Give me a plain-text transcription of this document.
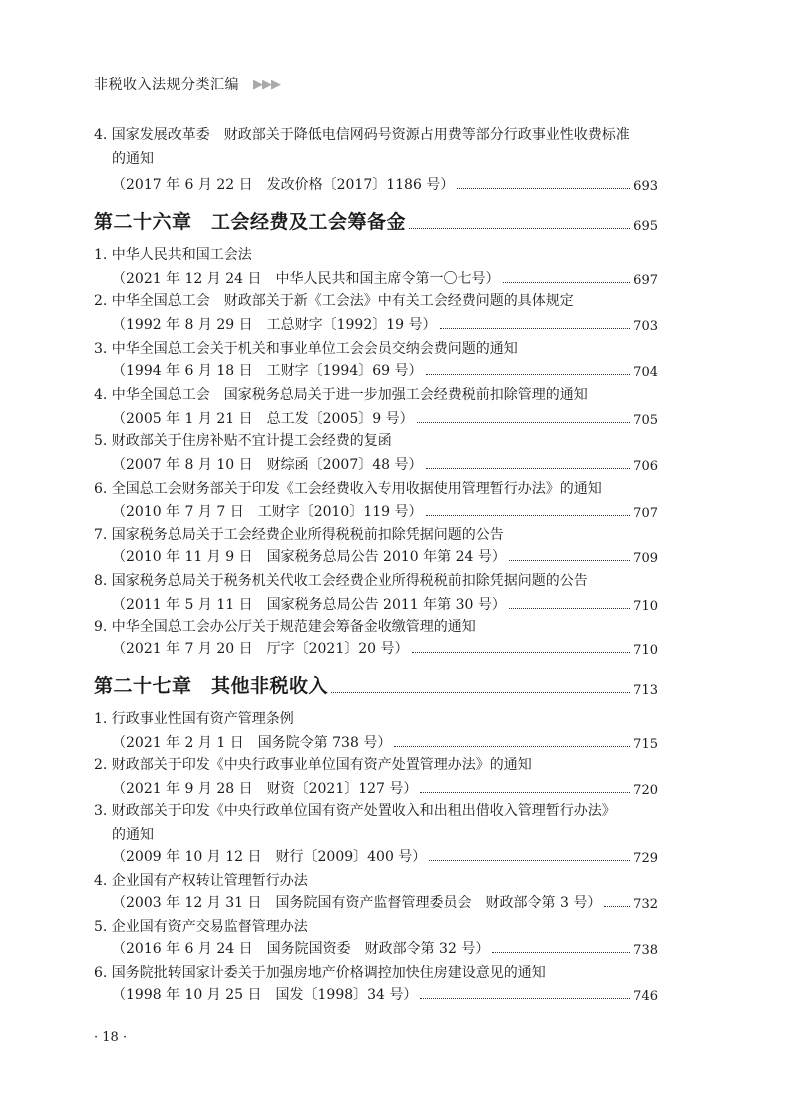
非税收入法规分类汇编 ▶▶▶
4. 国家发展改革委　财政部关于降低电信网码号资源占用费等部分行政事业性收费标准
的通知
（2017 年 6 月 22 日　发改价格〔2017〕1186 号）	693
第二十六章　工会经费及工会筹备金	695
1. 中华人民共和国工会法
（2021 年 12 月 24 日　中华人民共和国主席令第一〇七号）	697
2. 中华全国总工会　财政部关于新《工会法》中有关工会经费问题的具体规定
（1992 年 8 月 29 日　工总财字〔1992〕19 号）	703
3. 中华全国总工会关于机关和事业单位工会会员交纳会费问题的通知
（1994 年 6 月 18 日　工财字〔1994〕69 号）	704
4. 中华全国总工会　国家税务总局关于进一步加强工会经费税前扣除管理的通知
（2005 年 1 月 21 日　总工发〔2005〕9 号）	705
5. 财政部关于住房补贴不宜计提工会经费的复函
（2007 年 8 月 10 日　财综函〔2007〕48 号）	706
6. 全国总工会财务部关于印发《工会经费收入专用收据使用管理暂行办法》的通知
（2010 年 7 月 7 日　工财字〔2010〕119 号）	707
7. 国家税务总局关于工会经费企业所得税税前扣除凭据问题的公告
（2010 年 11 月 9 日　国家税务总局公告 2010 年第 24 号）	709
8. 国家税务总局关于税务机关代收工会经费企业所得税税前扣除凭据问题的公告
（2011 年 5 月 11 日　国家税务总局公告 2011 年第 30 号）	710
9. 中华全国总工会办公厅关于规范建会筹备金收缴管理的通知
（2021 年 7 月 20 日　厅字〔2021〕20 号）	710
第二十七章　其他非税收入	713
1. 行政事业性国有资产管理条例
（2021 年 2 月 1 日　国务院令第 738 号）	715
2. 财政部关于印发《中央行政事业单位国有资产处置管理办法》的通知
（2021 年 9 月 28 日　财资〔2021〕127 号）	720
3. 财政部关于印发《中央行政单位国有资产处置收入和出租出借收入管理暂行办法》
的通知
（2009 年 10 月 12 日　财行〔2009〕400 号）	729
4. 企业国有产权转让管理暂行办法
（2003 年 12 月 31 日　国务院国有资产监督管理委员会　财政部令第 3 号） 732
5. 企业国有资产交易监督管理办法
（2016 年 6 月 24 日　国务院国资委　财政部令第 32 号）	738
6. 国务院批转国家计委关于加强房地产价格调控加快住房建设意见的通知
（1998 年 10 月 25 日　国发〔1998〕34 号）	746
· 18 ·
